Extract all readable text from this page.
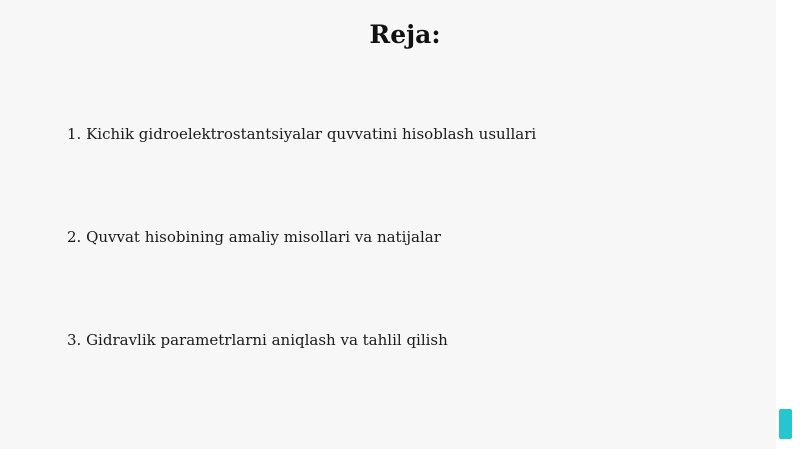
Reja:
1. Kichik gidroelektrostantsiyalar quvvatini hisoblash usullari
2. Quvvat hisobining amaliy misollari va natijalar
3. Gidravlik parametrlarni aniqlash va tahlil qilish
